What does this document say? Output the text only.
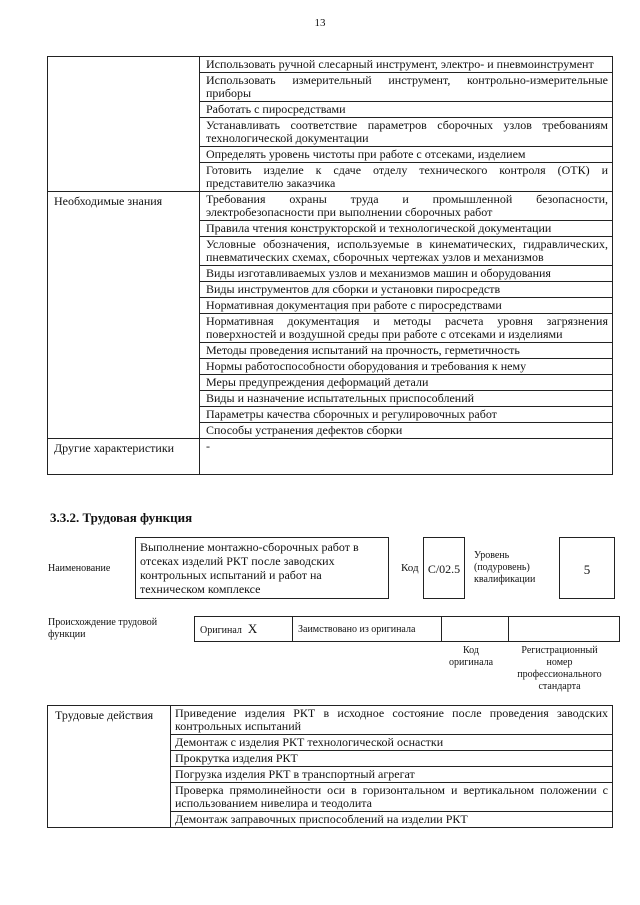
13
	Использовать ручной слесарный инструмент, электро- и пневмоинструмент
	Использовать измерительный инструмент, контрольно-измерительные приборы
	Работать с пиросредствами
	Устанавливать соответствие параметров сборочных узлов требованиям технологической документации
	Определять уровень чистоты при работе с отсеками, изделием
	Готовить изделие к сдаче отделу технического контроля (ОТК) и представителю заказчика
Необходимые знания	Требования охраны труда и промышленной безопасности, электробезопасности при выполнении сборочных работ
	Правила чтения конструкторской и технологической документации
	Условные обозначения, используемые в кинематических, гидравлических, пневматических схемах, сборочных чертежах узлов и механизмов
	Виды изготавливаемых узлов и механизмов машин и оборудования
	Виды инструментов для сборки и установки пиросредств
	Нормативная документация при работе с пиросредствами
	Нормативная документация и методы расчета уровня загрязнения поверхностей и воздушной среды при работе с отсеками и изделиями
	Методы проведения испытаний на прочность, герметичность
	Нормы работоспособности оборудования и требования к нему
	Меры предупреждения деформаций детали
	Виды и назначение испытательных приспособлений
	Параметры качества сборочных и регулировочных работ
	Способы устранения дефектов сборки
Другие характеристики	-
3.3.2. Трудовая функция
Наименование
Выполнение монтажно-сборочных работ в отсеках изделий РКТ после заводских контрольных испытаний и работ на техническом комплексе
Код C/02.5
Уровень (подуровень) квалификации
5
Происхождение трудовой функции	Оригинал X	Заимствовано из оригинала		
Код оригинала
Регистрационный номер профессионального стандарта
Трудовые действия	Приведение изделия РКТ в исходное состояние после проведения заводских контрольных испытаний
Демонтаж с изделия РКТ технологической оснастки
Прокрутка изделия РКТ
Погрузка изделия РКТ в транспортный агрегат
Проверка прямолинейности оси в горизонтальном и вертикальном положении с использованием нивелира и теодолита
Демонтаж заправочных приспособлений на изделии РКТ
